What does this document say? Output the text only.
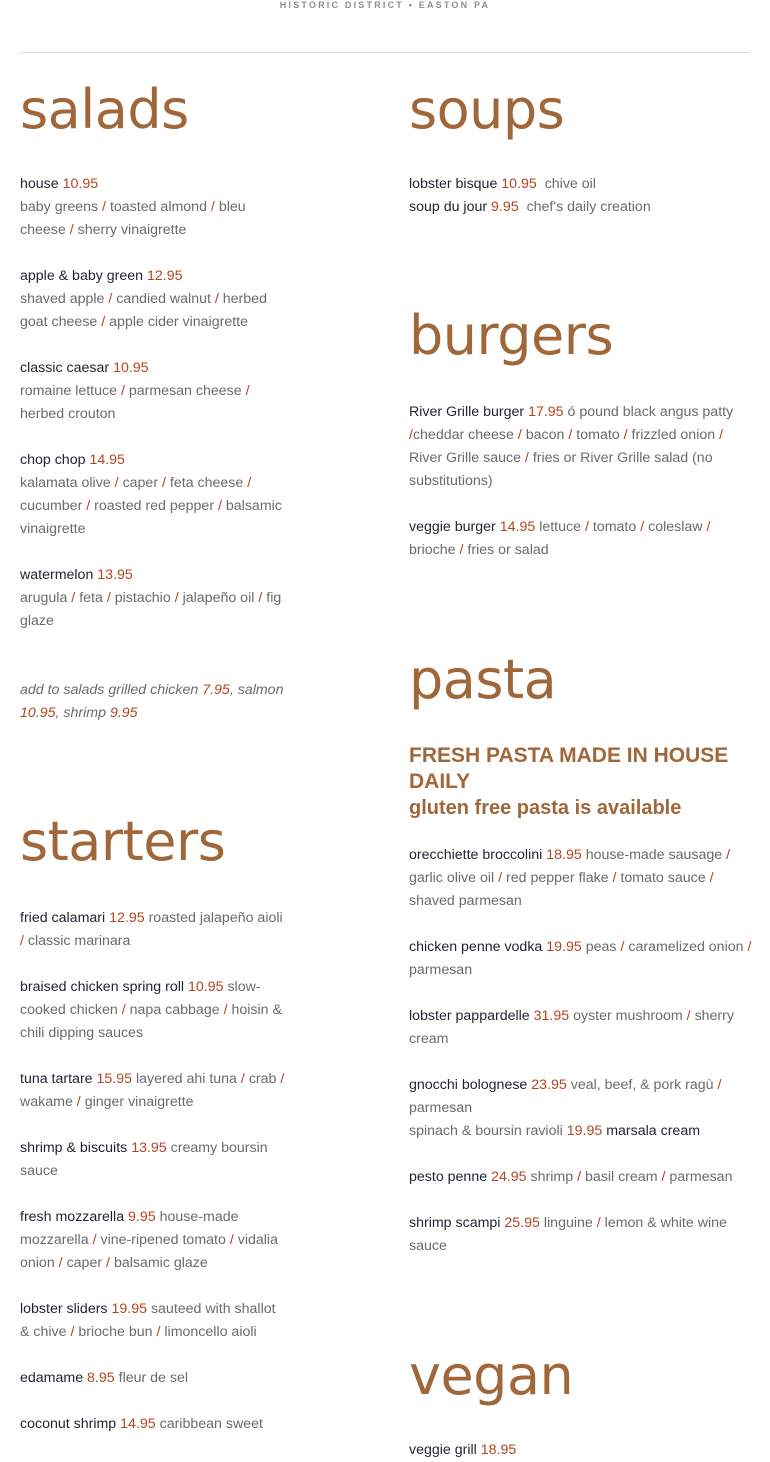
HISTORIC DISTRICT • EASTON PA
salads
house 10.95
baby greens / toasted almond / bleu cheese / sherry vinaigrette
apple & baby green 12.95
shaved apple / candied walnut / herbed goat cheese / apple cider vinaigrette
classic caesar 10.95
romaine lettuce / parmesan cheese / herbed crouton
chop chop 14.95
kalamata olive / caper / feta cheese / cucumber / roasted red pepper / balsamic vinaigrette
watermelon 13.95
arugula / feta / pistachio / jalapeño oil / fig glaze
add to salads grilled chicken 7.95, salmon 10.95, shrimp 9.95
starters
fried calamari 12.95 roasted jalapeño aioli / classic marinara
braised chicken spring roll 10.95 slow-cooked chicken / napa cabbage / hoisin & chili dipping sauces
tuna tartare 15.95 layered ahi tuna / crab / wakame / ginger vinaigrette
shrimp & biscuits 13.95 creamy boursin sauce
fresh mozzarella 9.95 house-made mozzarella / vine-ripened tomato / vidalia onion / caper / balsamic glaze
lobster sliders 19.95 sauteed with shallot & chive / brioche bun / limoncello aioli
edamame 8.95 fleur de sel
coconut shrimp 14.95 caribbean sweet
soups
lobster bisque 10.95 chive oil
soup du jour 9.95 chef's daily creation
burgers
River Grille burger 17.95 ó pound black angus patty /cheddar cheese / bacon / tomato / frizzled onion / River Grille sauce / fries or River Grille salad (no substitutions)
veggie burger 14.95 lettuce / tomato / coleslaw / brioche / fries or salad
pasta

FRESH PASTA MADE IN HOUSE DAILY
gluten free pasta is available

orecchiette broccolini 18.95 house-made sausage / garlic olive oil / red pepper flake / tomato sauce / shaved parmesan
chicken penne vodka 19.95 peas / caramelized onion / parmesan
lobster pappardelle 31.95 oyster mushroom / sherry cream
gnocchi bolognese 23.95 veal, beef, & pork ragù / parmesan
spinach & boursin ravioli 19.95 marsala cream
pesto penne 24.95 shrimp / basil cream / parmesan
shrimp scampi 25.95 linguine / lemon & white wine sauce
vegan
veggie grill 18.95
